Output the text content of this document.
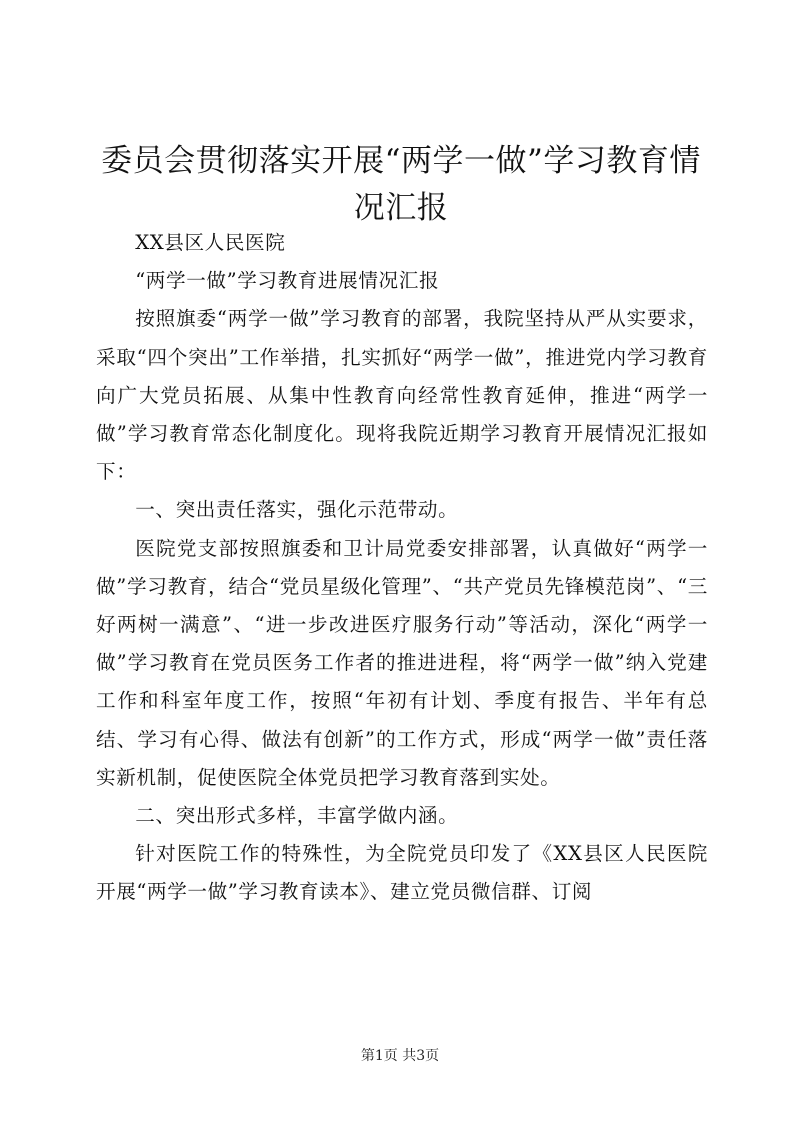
委员会贯彻落实开展“两学一做”学习教育情况汇报

XX县区人民医院

“两学一做”学习教育进展情况汇报

按照旗委“两学一做”学习教育的部署，我院坚持从严从实要求，采取“四个突出”工作举措，扎实抓好“两学一做”，推进党内学习教育向广大党员拓展、从集中性教育向经常性教育延伸，推进“两学一做”学习教育常态化制度化。现将我院近期学习教育开展情况汇报如下：

一、突出责任落实，强化示范带动。

医院党支部按照旗委和卫计局党委安排部署，认真做好“两学一做”学习教育，结合“党员星级化管理”、“共产党员先锋模范岗”、“三好两树一满意”、“进一步改进医疗服务行动”等活动，深化“两学一做”学习教育在党员医务工作者的推进进程，将“两学一做”纳入党建工作和科室年度工作，按照“年初有计划、季度有报告、半年有总结、学习有心得、做法有创新”的工作方式，形成“两学一做”责任落实新机制，促使医院全体党员把学习教育落到实处。

二、突出形式多样，丰富学做内涵。

针对医院工作的特殊性，为全院党员印发了《XX县区人民医院开展“两学一做”学习教育读本》、建立党员微信群、订阅

第1页 共3页
